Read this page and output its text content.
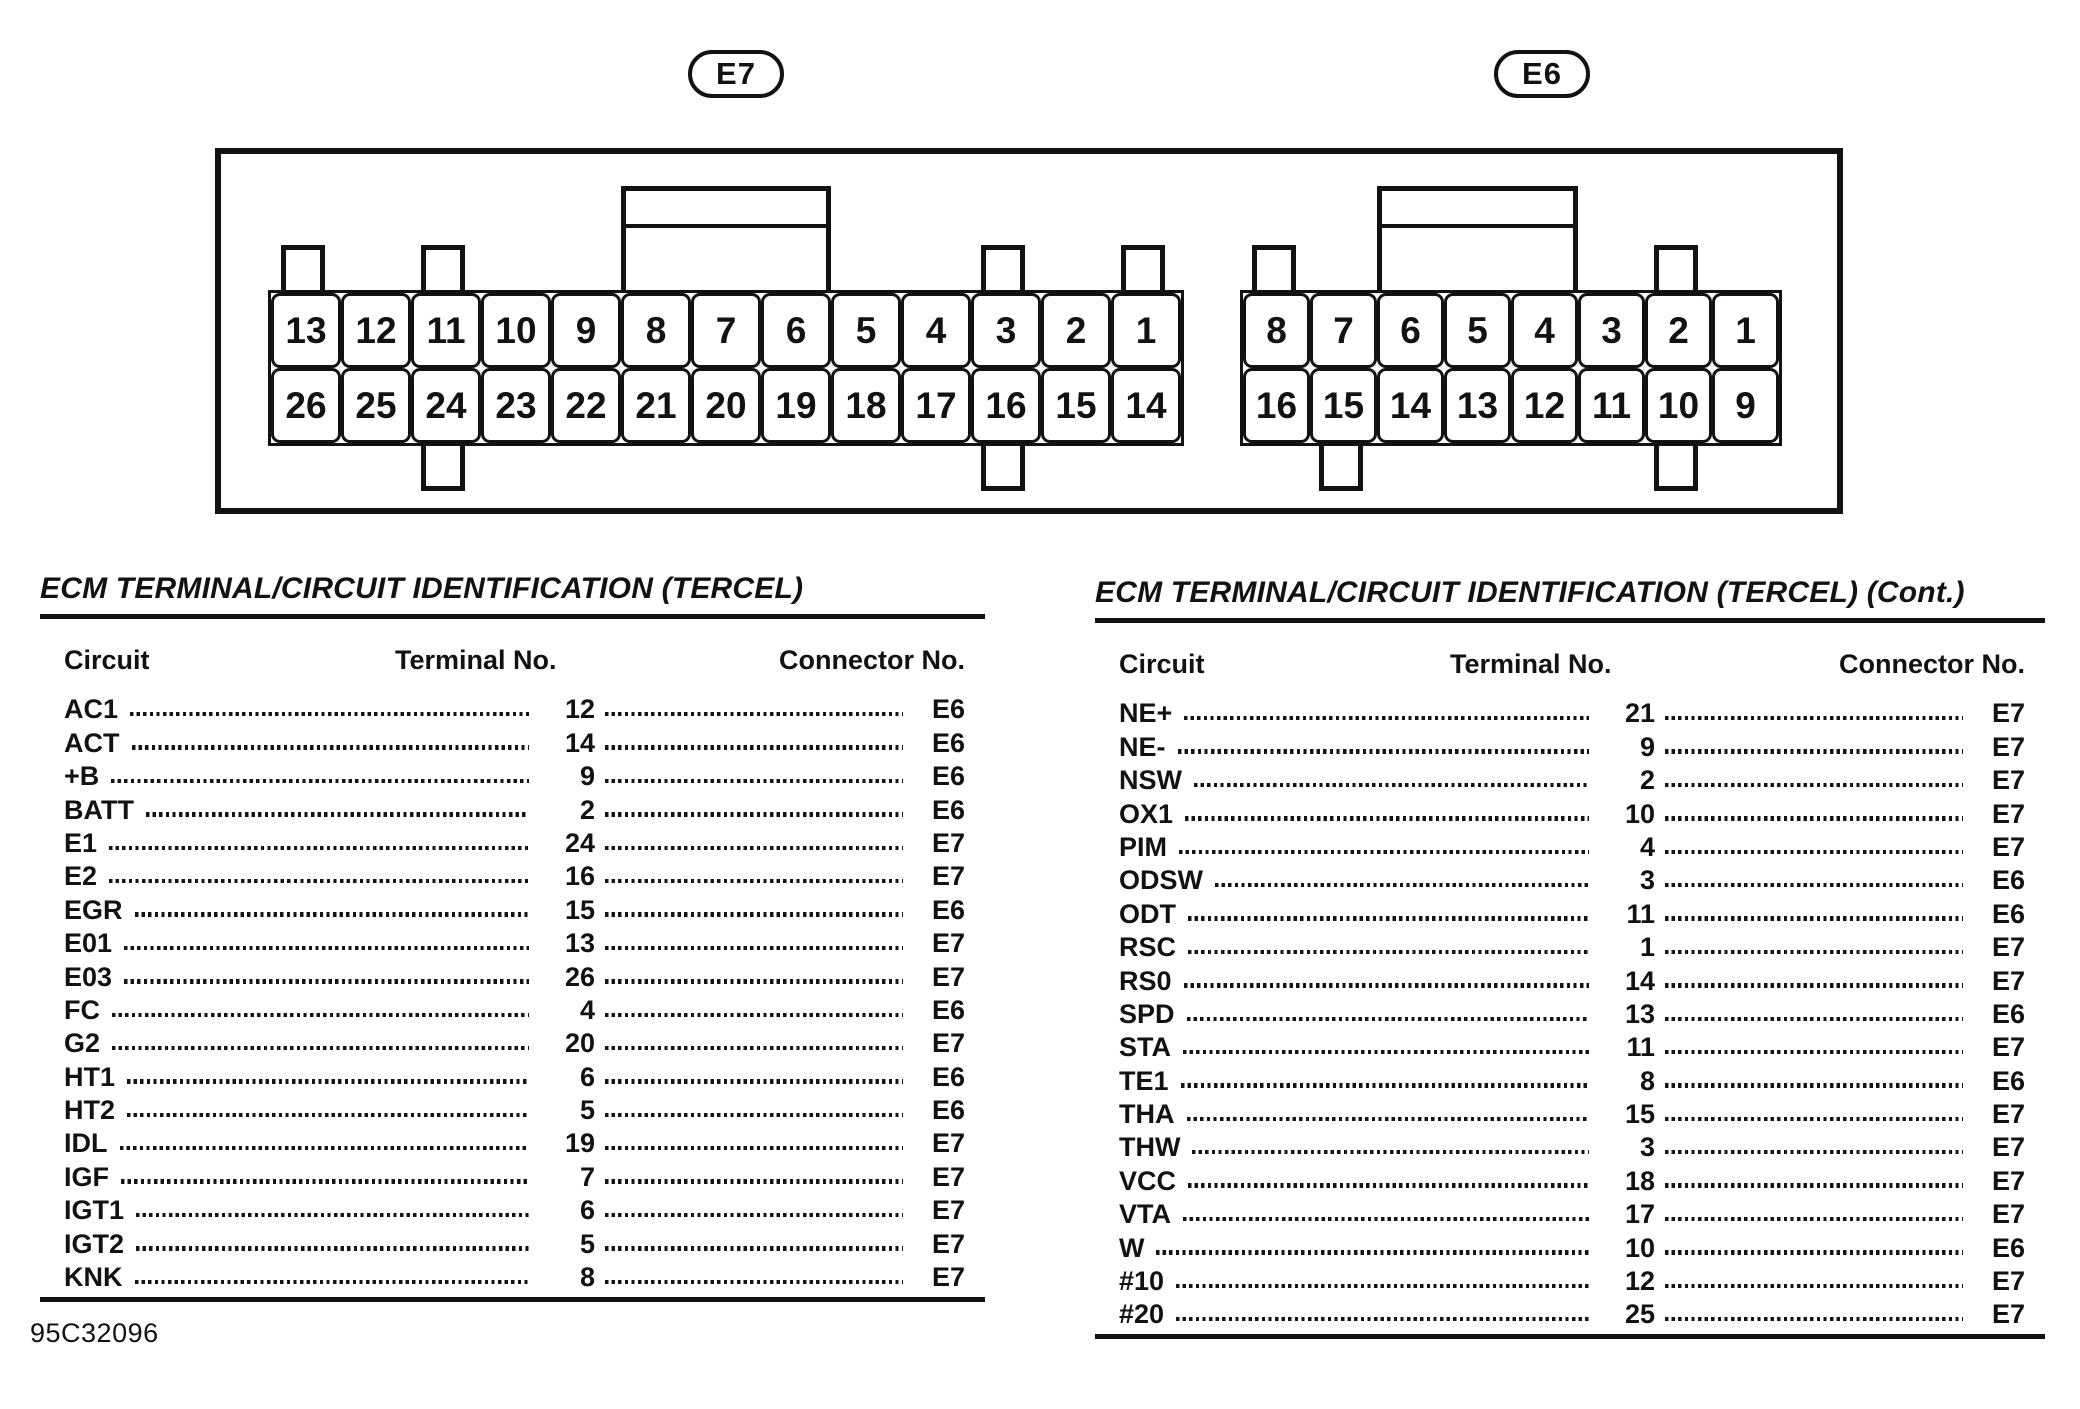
E7	E6
13 12 11 10	9	8	7	6	5	4	3	2	1
26 25 24 23 22 21 20 19 18 17 16 15 14
8	7	6	5	4	3	2	1
16 15 14 13 12 11 10 9
ECM TERMINAL/CIRCUIT IDENTIFICATION (TERCEL)
Circuit	Terminal No.	Connector No.
AC1	12	E6
ACT	14	E6
+B	9	E6
BATT	2	E6
E1	24	E7
E2	16	E7
EGR	15	E6
E01	13	E7
E03	26	E7
FC	4	E6
G2	20	E7
HT1	6	E6
HT2	5	E6
IDL	19	E7
IGF	7	E7
IGT1	6	E7
IGT2	5	E7
KNK	8	E7
ECM TERMINAL/CIRCUIT IDENTIFICATION (TERCEL) (Cont.)
Circuit	Terminal No.	Connector No.
NE+	21	E7
NE-	9	E7
NSW	2	E7
OX1	10	E7
PIM	4	E7
ODSW	3	E6
ODT	11	E6
RSC	1	E7
RS0	14	E7
SPD	13	E6
STA	11	E7
TE1	8	E6
THA	15	E7
THW	3	E7
VCC	18	E7
VTA	17	E7
W	10	E6
#10	12	E7
#20	25	E7
95C32096
